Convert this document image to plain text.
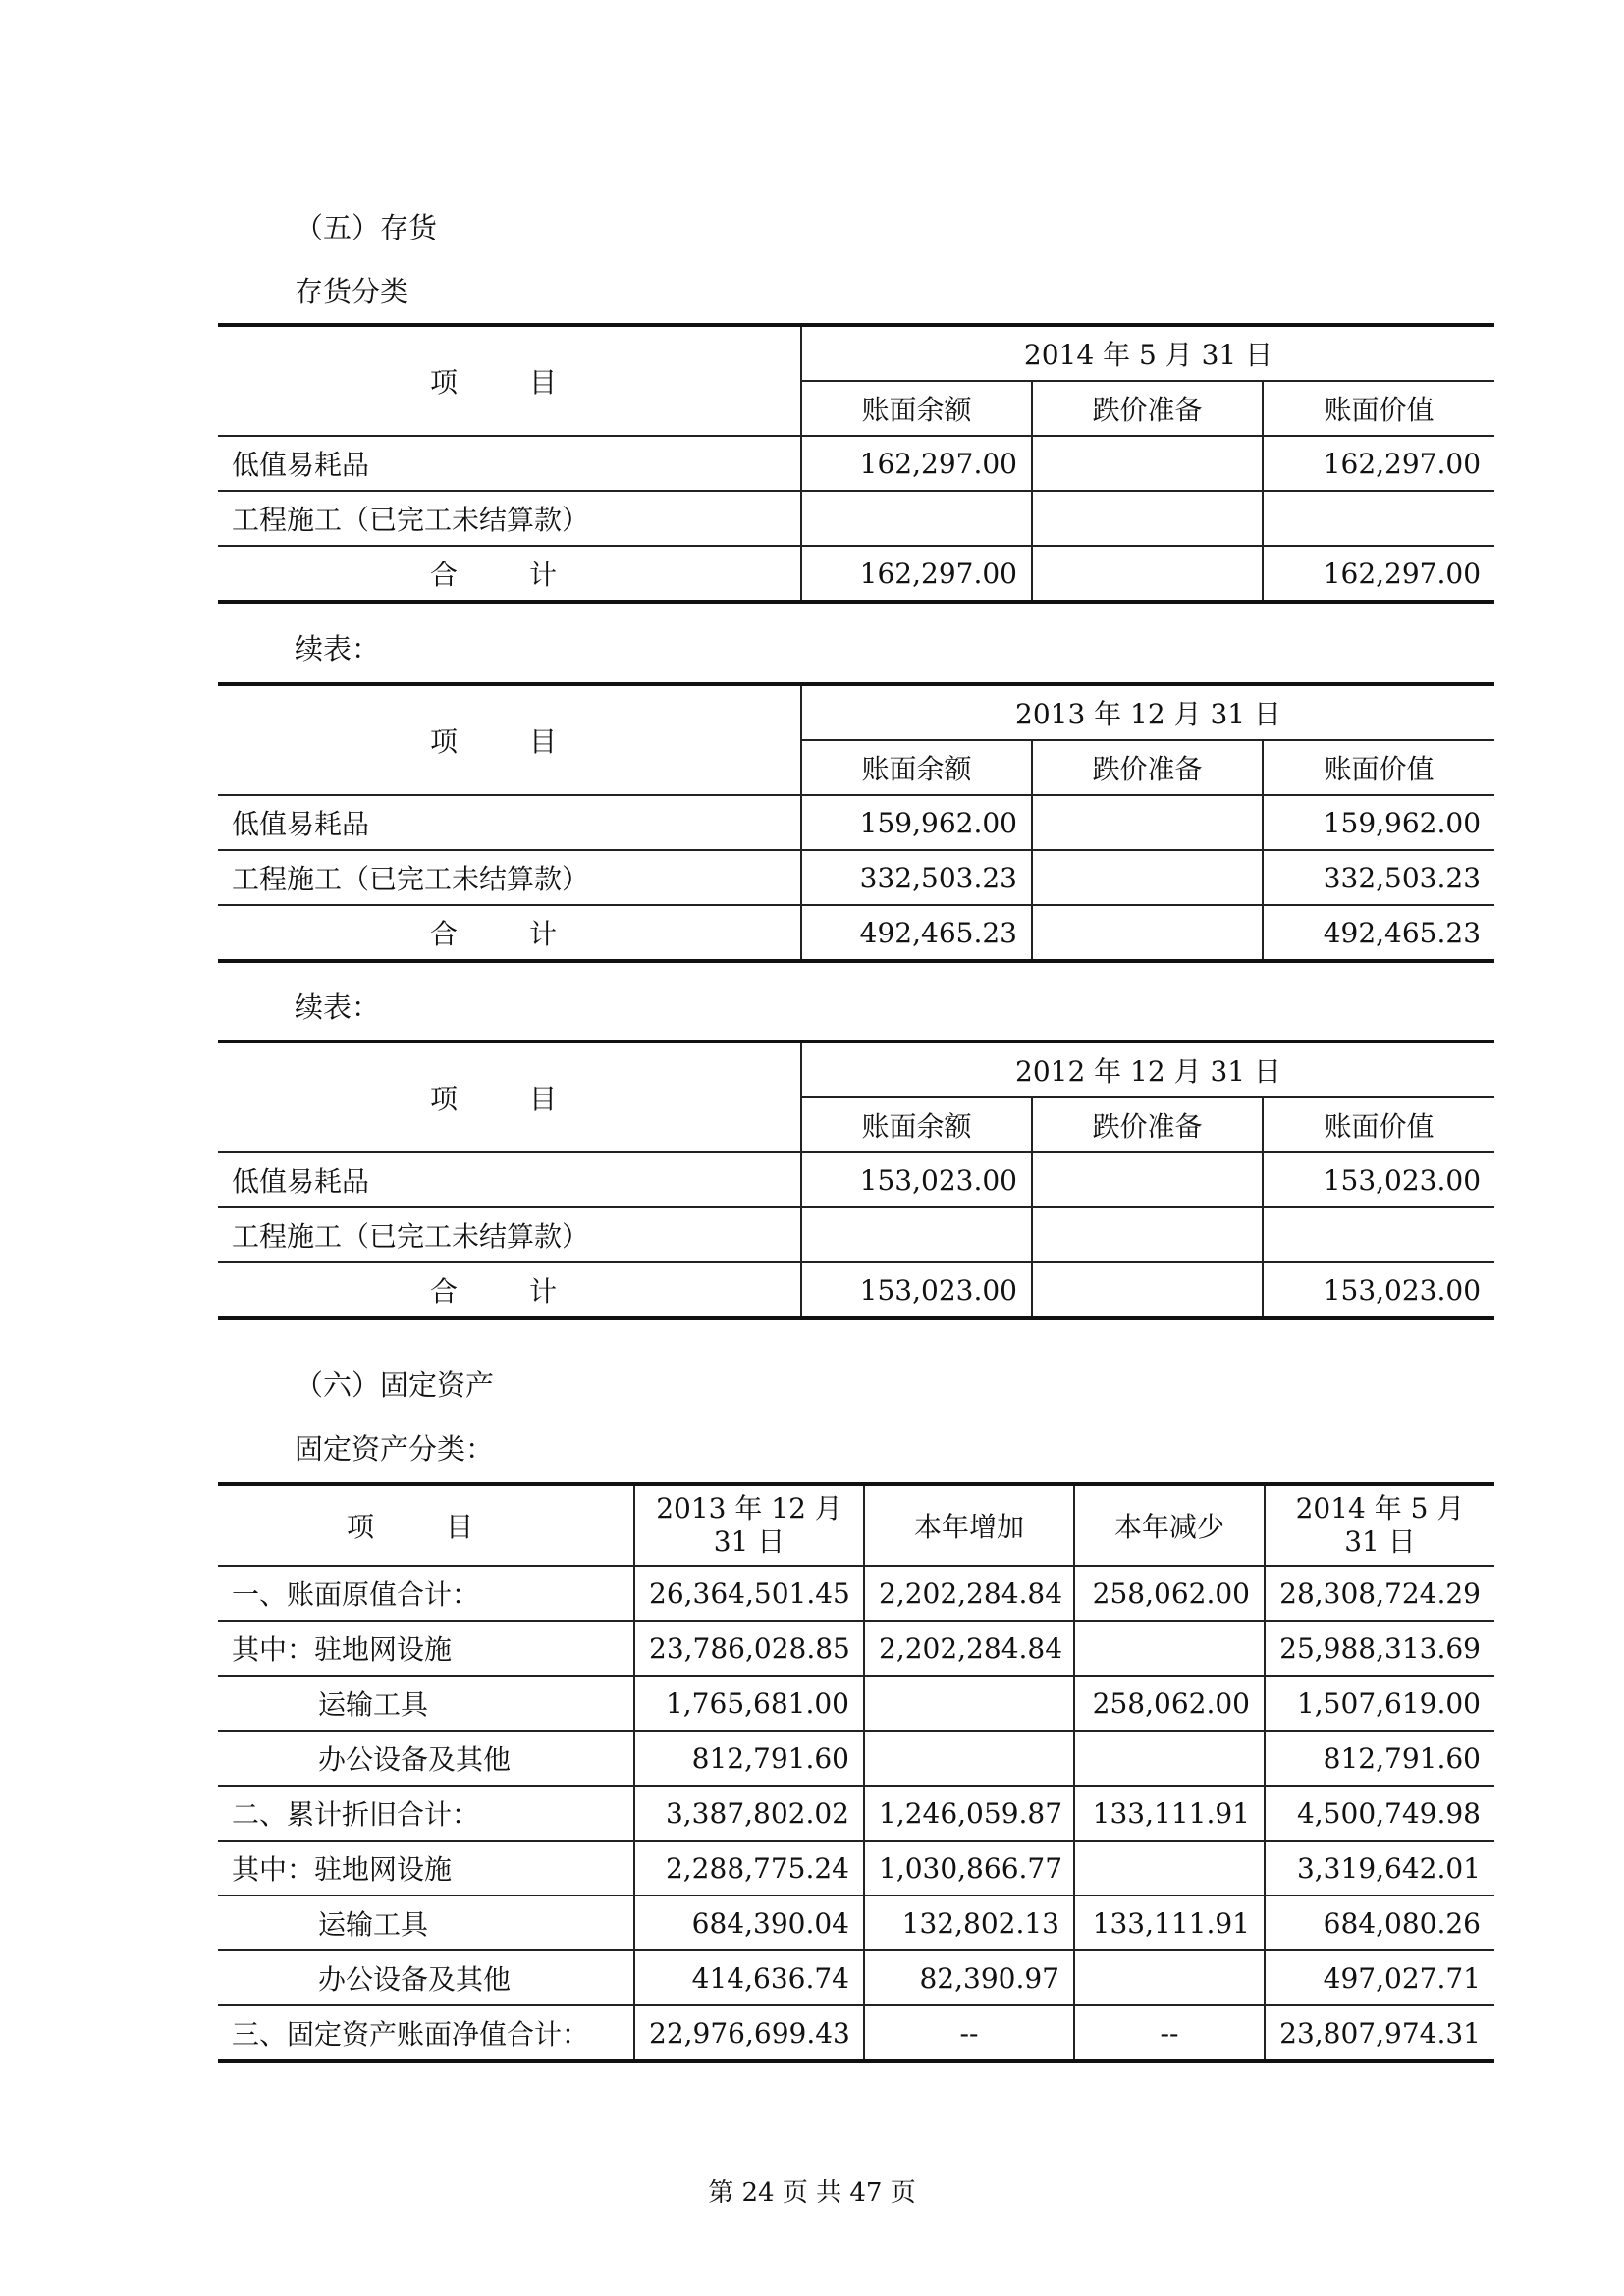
（五）存货
存货分类
项 目	2014 年 5 月 31 日		
	账面余额	跌价准备	账面价值
低值易耗品	162,297.00		162,297.00
工程施工（已完工未结算款）			
合 计	162,297.00		162,297.00
续表：
项 目	2013 年 12 月 31 日		
	账面余额	跌价准备	账面价值
低值易耗品	159,962.00		159,962.00
工程施工（已完工未结算款）	332,503.23		332,503.23
合 计	492,465.23		492,465.23
续表：
项 目	2012 年 12 月 31 日		
	账面余额	跌价准备	账面价值
低值易耗品	153,023.00		153,023.00
工程施工（已完工未结算款）			
合 计	153,023.00		153,023.00
（六）固定资产
固定资产分类：
项 目	2013 年 12 月 31 日	本年增加	本年减少	2014 年 5 月 31 日
一、账面原值合计：	26,364,501.45	2,202,284.84	258,062.00	28,308,724.29
其中：驻地网设施	23,786,028.85	2,202,284.84		25,988,313.69
运输工具	1,765,681.00		258,062.00	1,507,619.00
办公设备及其他	812,791.60			812,791.60
二、累计折旧合计：	3,387,802.02	1,246,059.87	133,111.91	4,500,749.98
其中：驻地网设施	2,288,775.24	1,030,866.77		3,319,642.01
运输工具	684,390.04	132,802.13	133,111.91	684,080.26
办公设备及其他	414,636.74	82,390.97		497,027.71
三、固定资产账面净值合计：	22,976,699.43	--	--	23,807,974.31
第 24 页 共 47 页
